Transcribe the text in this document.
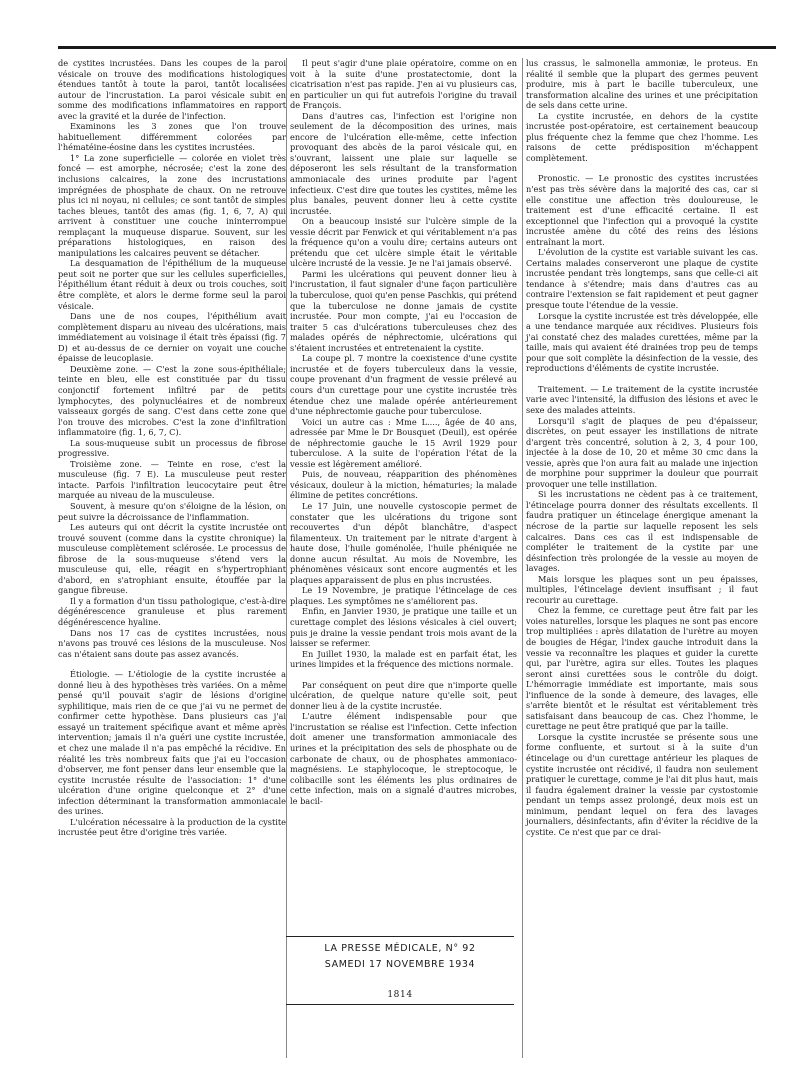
de cystites incrustées. Dans les coupes de la paroi vésicale on trouve des modifications histologiques étendues tantôt à toute la paroi, tantôt localisées autour de l'incrustation. La paroi vésicale subit en somme des modifications inflammatoires en rapport avec la gravité et la durée de l'infection.

Examinons les 3 zones que l'on trouve habituellement différemment colorées par l'hématéine-éosine dans les cystites incrustées.

1° La zone superficielle — colorée en violet très foncé — est amorphe, nécrosée; c'est la zone des inclusions calcaires, la zone des incrustations imprégnées de phosphate de chaux. On ne retrouve plus ici ni noyau, ni cellules; ce sont tantôt de simples taches bleues, tantôt des amas (fig. 1, 6, 7, A) qui arrivent à constituer une couche ininterrompue remplaçant la muqueuse disparue. Souvent, sur les préparations histologiques, en raison des manipulations les calcaires peuvent se détacher.

La desquamation de l'épithélium de la muqueuse peut soit ne porter que sur les cellules superficielles, l'épithélium étant réduit à deux ou trois couches, soit être complète, et alors le derme forme seul la paroi vésicale.

Dans une de nos coupes, l'épithélium avait complètement disparu au niveau des ulcérations, mais immédiatement au voisinage il était très épaissi (fig. 7 D) et au-dessus de ce dernier on voyait une couche épaisse de leucoplasie.

Deuxième zone. — C'est la zone sous-épithéliale; teinte en bleu, elle est constituée par du tissu conjonctif fortement infiltré par de petits lymphocytes, des polynucléaires et de nombreux vaisseaux gorgés de sang. C'est dans cette zone que l'on trouve des microbes. C'est la zone d'infiltration inflammatoire (fig. 1, 6, 7, C).

La sous-muqueuse subit un processus de fibrose progressive.

Troisième zone. — Teinte en rose, c'est la musculeuse (fig. 7 E). La musculeuse peut rester intacte. Parfois l'infiltration leucocytaire peut être marquée au niveau de la musculeuse.

Souvent, à mesure qu'on s'éloigne de la lésion, on peut suivre la décroissance de l'inflammation.

Les auteurs qui ont décrit la cystite incrustée ont trouvé souvent (comme dans la cystite chronique) la musculeuse complètement sclérosée. Le processus de fibrose de la sous-muqueuse s'étend vers la musculeuse qui, elle, réagit en s'hypertrophiant d'abord, en s'atrophiant ensuite, étouffée par la gangue fibreuse.

Il y a formation d'un tissu pathologique, c'est-à-dire dégénérescence granuleuse et plus rarement dégénérescence hyaline.

Dans nos 17 cas de cystites incrustées, nous n'avons pas trouvé ces lésions de la musculeuse. Nos cas n'étaient sans doute pas assez avancés.

Étiologie. — L'étiologie de la cystite incrustée a donné lieu à des hypothèses très variées. On a même pensé qu'il pouvait s'agir de lésions d'origine syphilitique, mais rien de ce que j'ai vu ne permet de confirmer cette hypothèse. Dans plusieurs cas j'ai essayé un traitement spécifique avant et même après intervention; jamais il n'a guéri une cystite incrustée, et chez une malade il n'a pas empêché la récidive. En réalité les très nombreux faits que j'ai eu l'occasion d'observer, me font penser dans leur ensemble que la cystite incrustée résulte de l'association: 1° d'une ulcération d'une origine quelconque et 2° d'une infection déterminant la transformation ammoniacale des urines.

L'ulcération nécessaire à la production de la cystite incrustée peut être d'origine très variée.

Il peut s'agir d'une plaie opératoire, comme on en voit à la suite d'une prostatectomie, dont la cicatrisation n'est pas rapide. J'en ai vu plusieurs cas, en particulier un qui fut autrefois l'origine du travail de François.

Dans d'autres cas, l'infection est l'origine non seulement de la décomposition des urines, mais encore de l'ulcération elle-même, cette infection provoquant des abcès de la paroi vésicale qui, en s'ouvrant, laissent une plaie sur laquelle se déposeront les sels résultant de la transformation ammoniacale des urines produite par l'agent infectieux. C'est dire que toutes les cystites, même les plus banales, peuvent donner lieu à cette cystite incrustée.

On a beaucoup insisté sur l'ulcère simple de la vessie décrit par Fenwick et qui véritablement n'a pas la fréquence qu'on a voulu dire; certains auteurs ont prétendu que cet ulcère simple était le véritable ulcère incrusté de la vessie. Je ne l'ai jamais observé.

Parmi les ulcérations qui peuvent donner lieu à l'incrustation, il faut signaler d'une façon particulière la tuberculose, quoi qu'en pense Paschkis, qui prétend que la tuberculose ne donne jamais de cystite incrustée. Pour mon compte, j'ai eu l'occasion de traiter 5 cas d'ulcérations tuberculeuses chez des malades opérés de néphrectomie, ulcérations qui s'étaient incrustées et entretenaient la cystite.

La coupe pl. 7 montre la coexistence d'une cystite incrustée et de foyers tuberculeux dans la vessie, coupe provenant d'un fragment de vessie prélevé au cours d'un curettage pour une cystite incrustée très étendue chez une malade opérée antérieurement d'une néphrectomie gauche pour tuberculose.

Voici un autre cas : Mme L...., âgée de 40 ans, adressée par Mme le Dr Bousquet (Deuil), est opérée de néphrectomie gauche le 15 Avril 1929 pour tuberculose. A la suite de l'opération l'état de la vessie est légèrement amélioré.

Puis, de nouveau, réapparition des phénomènes vésicaux, douleur à la miction, hématuries; la malade élimine de petites concrétions.

Le 17 Juin, une nouvelle cystoscopie permet de constater que les ulcérations du trigone sont recouvertes d'un dépôt blanchâtre, d'aspect filamenteux. Un traitement par le nitrate d'argent à haute dose, l'huile goménolée, l'huile phéniquée ne donne aucun résultat. Au mois de Novembre, les phénomènes vésicaux sont encore augmentés et les plaques apparaissent de plus en plus incrustées.

Le 19 Novembre, je pratique l'étincelage de ces plaques. Les symptômes ne s'améliorent pas.

Enfin, en Janvier 1930, je pratique une taille et un curettage complet des lésions vésicales à ciel ouvert; puis je draine la vessie pendant trois mois avant de la laisser se refermer.

En Juillet 1930, la malade est en parfait état, les urines limpides et la fréquence des mictions normale.

Par conséquent on peut dire que n'importe quelle ulcération, de quelque nature qu'elle soit, peut donner lieu à de la cystite incrustée.

L'autre élément indispensable pour que l'incrustation se réalise est l'infection. Cette infection doit amener une transformation ammoniacale des urines et la précipitation des sels de phosphate ou de carbonate de chaux, ou de phosphates ammoniaco-magnésiens. Le staphylocoque, le streptocoque, le colibacille sont les éléments les plus ordinaires de cette infection, mais on a signalé d'autres microbes, le bacil-

lus crassus, le salmonella ammoniæ, le proteus. En réalité il semble que la plupart des germes peuvent produire, mis à part le bacille tuberculeux, une transformation alcaline des urines et une précipitation de sels dans cette urine.

La cystite incrustée, en dehors de la cystite incrustée post-opératoire, est certainement beaucoup plus fréquente chez la femme que chez l'homme. Les raisons de cette prédisposition m'échappent complètement.

Pronostic. — Le pronostic des cystites incrustées n'est pas très sévère dans la majorité des cas, car si elle constitue une affection très douloureuse, le traitement est d'une efficacité certaine. Il est exceptionnel que l'infection qui a provoqué la cystite incrustée amène du côté des reins des lésions entraînant la mort.

L'évolution de la cystite est variable suivant les cas. Certains malades conserveront une plaque de cystite incrustée pendant très longtemps, sans que celle-ci ait tendance à s'étendre; mais dans d'autres cas au contraire l'extension se fait rapidement et peut gagner presque toute l'étendue de la vessie.

Lorsque la cystite incrustée est très développée, elle a une tendance marquée aux récidives. Plusieurs fois j'ai constaté chez des malades curettées, même par la taille, mais qui avaient été drainées trop peu de temps pour que soit complète la désinfection de la vessie, des reproductions d'éléments de cystite incrustée.

Traitement. — Le traitement de la cystite incrustée varie avec l'intensité, la diffusion des lésions et avec le sexe des malades atteints.

Lorsqu'il s'agit de plaques de peu d'épaisseur, discrètes, on peut essayer les instillations de nitrate d'argent très concentré, solution à 2, 3, 4 pour 100, injectée à la dose de 10, 20 et même 30 cmc dans la vessie, après que l'on aura fait au malade une injection de morphine pour supprimer la douleur que pourrait provoquer une telle instillation.

Si les incrustations ne cèdent pas à ce traitement, l'étincelage pourra donner des résultats excellents. Il faudra pratiquer un étincelage énergique amenant la nécrose de la partie sur laquelle reposent les sels calcaires. Dans ces cas il est indispensable de compléter le traitement de la cystite par une désinfection très prolongée de la vessie au moyen de lavages.

Mais lorsque les plaques sont un peu épaisses, multiples, l'étincelage devient insuffisant ; il faut recourir au curettage.

Chez la femme, ce curettage peut être fait par les voies naturelles, lorsque les plaques ne sont pas encore trop multipliées : après dilatation de l'urètre au moyen de bougies de Hégar, l'index gauche introduit dans la vessie va reconnaître les plaques et guider la curette qui, par l'urètre, agira sur elles. Toutes les plaques seront ainsi curettées sous le contrôle du doigt. L'hémorragie immédiate est importante, mais sous l'influence de la sonde à demeure, des lavages, elle s'arrête bientôt et le résultat est véritablement très satisfaisant dans beaucoup de cas. Chez l'homme, le curettage ne peut être pratiqué que par la taille.

Lorsque la cystite incrustée se présente sous une forme confluente, et surtout si à la suite d'un étincelage ou d'un curettage antérieur les plaques de cystite incrustée ont récidivé, il faudra non seulement pratiquer le curettage, comme je l'ai dit plus haut, mais il faudra également drainer la vessie par cystostomie pendant un temps assez prolongé, deux mois est un minimum, pendant lequel on fera des lavages journaliers, désinfectants, afin d'éviter la récidive de la cystite. Ce n'est que par ce drai-

LA PRESSE MÉDICALE, N° 92
SAMEDI 17 NOVEMBRE 1934
1814
